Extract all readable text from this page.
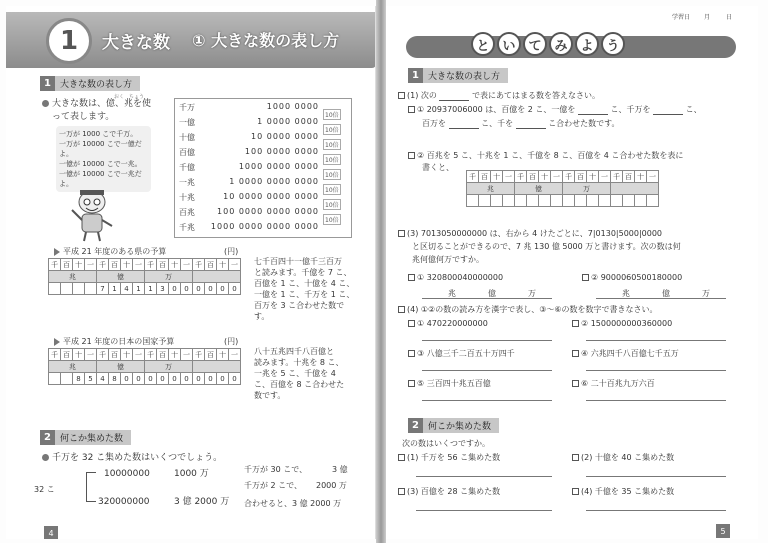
1	大きな数 ① 大きな数の表し方
1	大きな数の表し方
おく　ちょう
大きな数は、億、兆を使
って表します。
一万が 1000 こで千万。
一万が 10000 こで一億だよ。
一億が 10000 こで一兆。
一億が 10000 こで一兆だよ。
千万	1000 0000
一億	1 0000 0000
十億	10 0000 0000
百億	100 0000 0000
千億	1000 0000 0000
一兆	1 0000 0000 0000
十兆	10 0000 0000 0000
百兆	100 0000 0000 0000
千兆	1000 0000 0000 0000
10倍
10倍
10倍
10倍
10倍
10倍
10倍
10倍
平成 21 年度のある県の予算	(円)
千	百	十	一	千	百	十	一	千	百	十	一	千	百	十	一
兆				億				万							
				7	1	4	1	1	3	0	0	0	0	0	0
七千百四十一億千三百万
と読みます。千億を 7 こ、
百億を 1 こ、十億を 4 こ、
一億を 1 こ、千万を 1 こ、
百万を 3 こ合わせた数で
す。
平成 21 年度の日本の国家予算	(円)
千	百	十	一	千	百	十	一	千	百	十	一	千	百	十	一
兆				億				万							
		8	5	4	8	0	0	0	0	0	0	0	0	0	0
八十五兆四千八百億と
読みます。十兆を 8 こ、
一兆を 5 こ、千億を 4
こ、百億を 8 こ合わせた
数です。
2	何こか集めた数
千万を 32 こ集めた数はいくつでしょう。
10000000	1000 万
32 こ
320000000	3 億 2000 万
千万が 30 こで、	3 億
千万が 2 こで、 2000 万
合わせると、3 億 2000 万
4
学習日 月	日
と い て み よ う
1	大きな数の表し方
(1) 次の	で表にあてはまる数を答えなさい。
① 20937006000 は、百億を 2 こ、一億を	こ、千万を	こ、
百万を	こ、千を	こ合わせた数です。
② 百兆を 5 こ、十兆を 1 こ、千億を 8 こ、百億を 4 こ合わせた数を表に
書くと、
千	百	十	一	千	百	十	一	千	百	十	一	千	百	十	一
兆				億				万							

(3) 7013050000000 は、右から 4 けたごとに、7|0130|5000|0000
と区切ることができるので、7 兆 130 億 5000 万と書けます。次の数は何
兆何億何万ですか。
① 320800040000000	② 9000060500180000
兆	億	万	兆	億	万
(4) ①②の数の読み方を漢字で表し、③～⑥の数を数字で書きなさい。
① 470220000000	② 1500000000360000
③ 八億三千二百五十万四千	④ 六兆四千八百億七千五万
⑤ 三百四十兆五百億	⑥ 二十百兆九万六百
2	何こか集めた数
次の数はいくつですか。
(1) 千万を 56 こ集めた数	(2) 十億を 40 こ集めた数
(3) 百億を 28 こ集めた数	(4) 千億を 35 こ集めた数
5
